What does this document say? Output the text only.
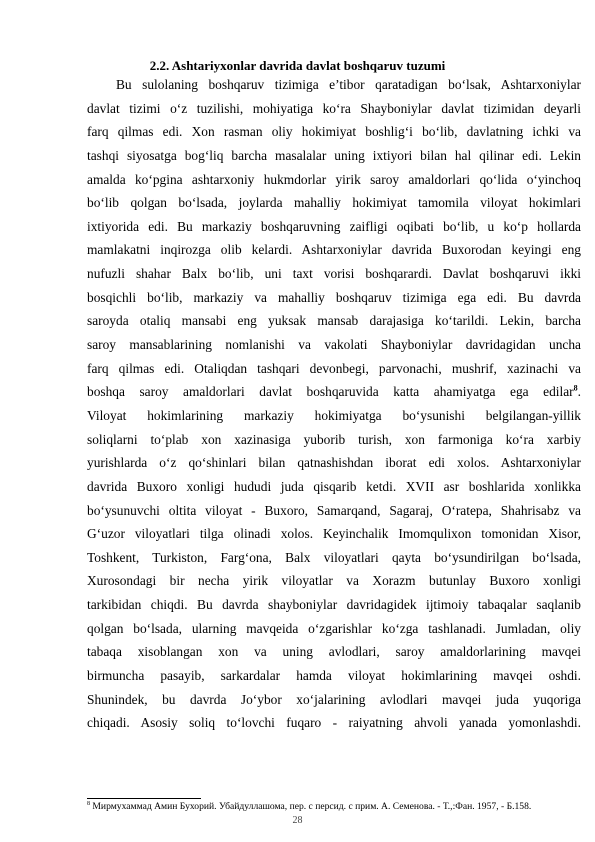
2.2. Ashtariyxonlar davrida davlat boshqaruv tuzumi
Bu sulolaning boshqaruv tizimiga e’tibor qaratadigan bo‘lsak, Ashtarxoniylar
davlat tizimi o‘z tuzilishi, mohiyatiga ko‘ra Shayboniylar davlat tizimidan deyarli
farq qilmas edi. Xon rasman oliy hokimiyat boshlig‘i bo‘lib, davlatning ichki va
tashqi siyosatga bog‘liq barcha masalalar uning ixtiyori bilan hal qilinar edi. Lekin
amalda ko‘pgina ashtarxoniy hukmdorlar yirik saroy amaldorlari qo‘lida o‘yinchoq
bo‘lib qolgan bo‘lsada, joylarda mahalliy hokimiyat tamomila viloyat hokimlari
ixtiyorida edi. Bu markaziy boshqaruvning zaifligi oqibati bo‘lib, u ko‘p hollarda
mamlakatni inqirozga olib kelardi. Ashtarxoniylar davrida Buxorodan keyingi eng
nufuzli shahar Balx bo‘lib, uni taxt vorisi boshqarardi. Davlat boshqaruvi ikki
bosqichli bo‘lib, markaziy va mahalliy boshqaruv tizimiga ega edi. Bu davrda
saroyda otaliq mansabi eng yuksak mansab darajasiga ko‘tarildi. Lekin, barcha
saroy mansablarining nomlanishi va vakolati Shayboniylar davridagidan uncha
farq qilmas edi. Otaliqdan tashqari devonbegi, parvonachi, mushrif, xazinachi va
boshqa saroy amaldorlari davlat boshqaruvida katta ahamiyatga ega edilar$^8$.
Viloyat hokimlarining markaziy hokimiyatga bo‘ysunishi belgilangan-yillik
soliqlarni to‘plab xon xazinasiga yuborib turish, xon farmoniga ko‘ra xarbiy
yurishlarda o‘z qo‘shinlari bilan qatnashishdan iborat edi xolos. Ashtarxoniylar
davrida Buxoro xonligi hududi juda qisqarib ketdi. XVII asr boshlarida xonlikka
bo‘ysunuvchi oltita viloyat - Buxoro, Samarqand, Sagaraj, O‘ratepa, Shahrisabz va
G‘uzor viloyatlari tilga olinadi xolos. Keyinchalik Imomqulixon tomonidan Xisor,
Toshkent, Turkiston, Farg‘ona, Balx viloyatlari qayta bo‘ysundirilgan bo‘lsada,
Xurosondagi bir necha yirik viloyatlar va Xorazm butunlay Buxoro xonligi
tarkibidan chiqdi. Bu davrda shayboniylar davridagidek ijtimoiy tabaqalar saqlanib
qolgan bo‘lsada, ularning mavqeida o‘zgarishlar ko‘zga tashlanadi. Jumladan, oliy
tabaqa xisoblangan xon va uning avlodlari, saroy amaldorlarining mavqei
birmuncha pasayib, sarkardalar hamda viloyat hokimlarining mavqei oshdi.
Shunindek, bu davrda Jo‘ybor xo‘jalarining avlodlari mavqei juda yuqoriga
chiqadi. Asosiy soliq to‘lovchi fuqaro - raiyatning ahvoli yanada yomonlashdi.
$^8$ Мирмухаммад Амин Бухорий. Убайдуллашома, пер. с персид. с прим. А. Семенова. - Т.,:Фан. 1957, - Б.158.
28
